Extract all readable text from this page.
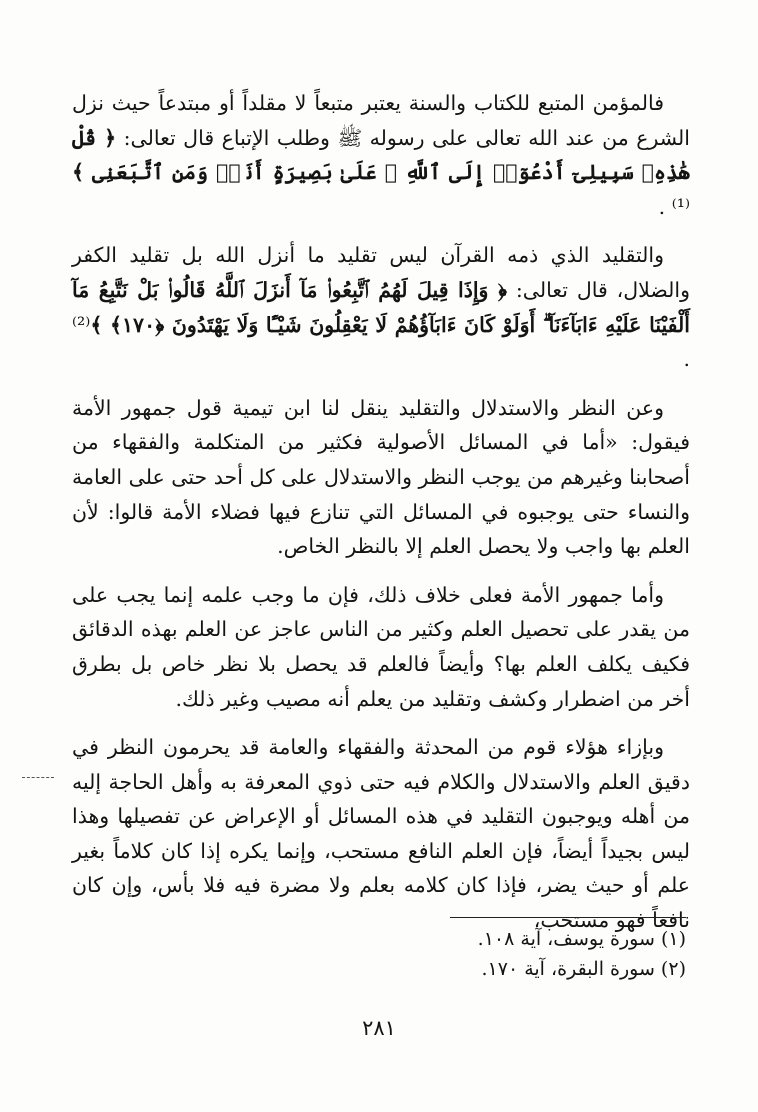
فالمؤمن المتبع للكتاب والسنة يعتبر متبعاً لا مقلداً أو مبتدعاً حيث نزل الشرع من عند الله تعالى على رسوله ﷺ وطلب الإتباع قال تعالى: ﴿ قُلْ هَٰذِهِۦ سَبِيلِىٓ أَدْعُوٓا۟ إِلَى ٱللَّهِ ۚ عَلَىٰ بَصِيرَةٍ أَنَا۠ وَمَنِ ٱتَّبَعَنِى ﴾⁽¹⁾ .

والتقليد الذي ذمه القرآن ليس تقليد ما أنزل الله بل تقليد الكفر والضلال، قال تعالى: ﴿ وَإِذَا قِيلَ لَهُمُ ٱتَّبِعُوا۟ مَآ أَنزَلَ ٱللَّهُ قَالُوا۟ بَلْ نَتَّبِعُ مَآ أَلْفَيْنَا عَلَيْهِ ءَابَآءَنَآ ۗ أَوَلَوْ كَانَ ءَابَآؤُهُمْ لَا يَعْقِلُونَ شَيْـًٔا وَلَا يَهْتَدُونَ ﴿١٧٠﴾ ﴾⁽²⁾ .

وعن النظر والاستدلال والتقليد ينقل لنا ابن تيمية قول جمهور الأمة فيقول: «أما في المسائل الأصولية فكثير من المتكلمة والفقهاء من أصحابنا وغيرهم من يوجب النظر والاستدلال على كل أحد حتى على العامة والنساء حتى يوجبوه في المسائل التي تنازع فيها فضلاء الأمة قالوا: لأن العلم بها واجب ولا يحصل العلم إلا بالنظر الخاص.

وأما جمهور الأمة فعلى خلاف ذلك، فإن ما وجب علمه إنما يجب على من يقدر على تحصيل العلم وكثير من الناس عاجز عن العلم بهذه الدقائق فكيف يكلف العلم بها؟ وأيضاً فالعلم قد يحصل بلا نظر خاص بل بطرق أخر من اضطرار وكشف وتقليد من يعلم أنه مصيب وغير ذلك.

وبإزاء هؤلاء قوم من المحدثة والفقهاء والعامة قد يحرمون النظر في دقيق العلم والاستدلال والكلام فيه حتى ذوي المعرفة به وأهل الحاجة إليه من أهله ويوجبون التقليد في هذه المسائل أو الإعراض عن تفصيلها وهذا ليس بجيداً أيضاً، فإن العلم النافع مستحب، وإنما يكره إذا كان كلاماً بغير علم أو حيث يضر، فإذا كان كلامه بعلم ولا مضرة فيه فلا بأس، وإن كان نافعاً فهو مستحب،

(١) سورة يوسف، آية ١٠٨.
(٢) سورة البقرة، آية ١٧٠.
٢٨١
